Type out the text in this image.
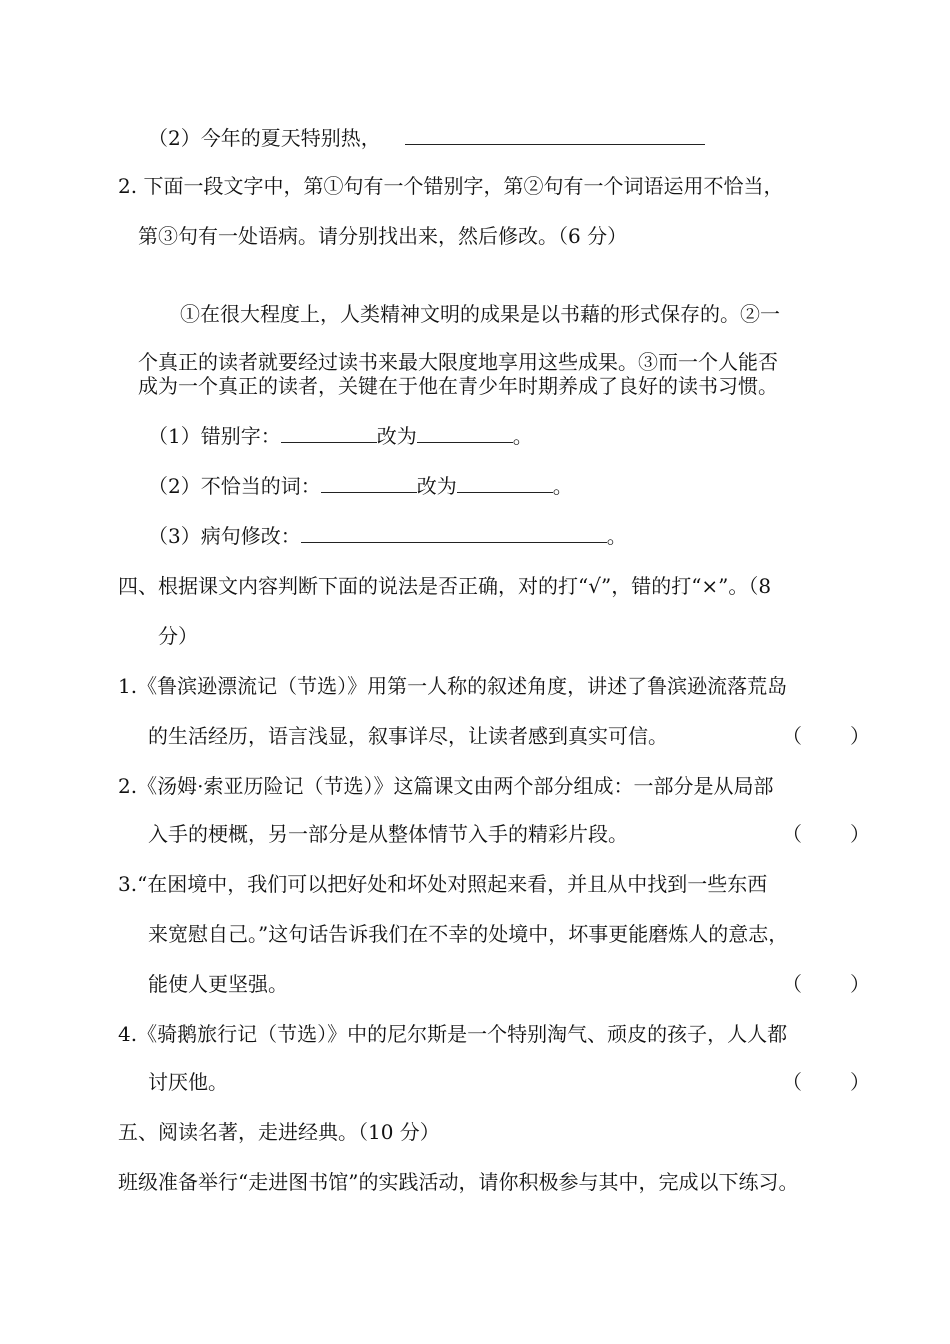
（2）今年的夏天特别热，
2. 下面一段文字中，第①句有一个错别字，第②句有一个词语运用不恰当，
第③句有一处语病。请分别找出来，然后修改。（6 分）
①在很大程度上，人类精神文明的成果是以书藉的形式保存的。②一
个真正的读者就要经过读书来最大限度地享用这些成果。③而一个人能否
成为一个真正的读者，关键在于他在青少年时期养成了良好的读书习惯。
（1）错别字：	改为	。
（2）不恰当的词：	改为	。
（3）病句修改：	。
四、根据课文内容判断下面的说法是否正确，对的打“√”，错的打“×”。（8
分）
1.《鲁滨逊漂流记（节选）》用第一人称的叙述角度，讲述了鲁滨逊流落荒岛
的生活经历，语言浅显，叙事详尽，让读者感到真实可信。	（ ）
2.《汤姆·索亚历险记（节选）》这篇课文由两个部分组成：一部分是从局部
入手的梗概，另一部分是从整体情节入手的精彩片段。	（ ）
3.“在困境中，我们可以把好处和坏处对照起来看，并且从中找到一些东西
来宽慰自己。”这句话告诉我们在不幸的处境中，坏事更能磨炼人的意志，
能使人更坚强。	（ ）
4.《骑鹅旅行记（节选）》中的尼尔斯是一个特别淘气、顽皮的孩子，人人都
讨厌他。	（ ）
五、阅读名著，走进经典。（10 分）
班级准备举行“走进图书馆”的实践活动，请你积极参与其中，完成以下练习。
